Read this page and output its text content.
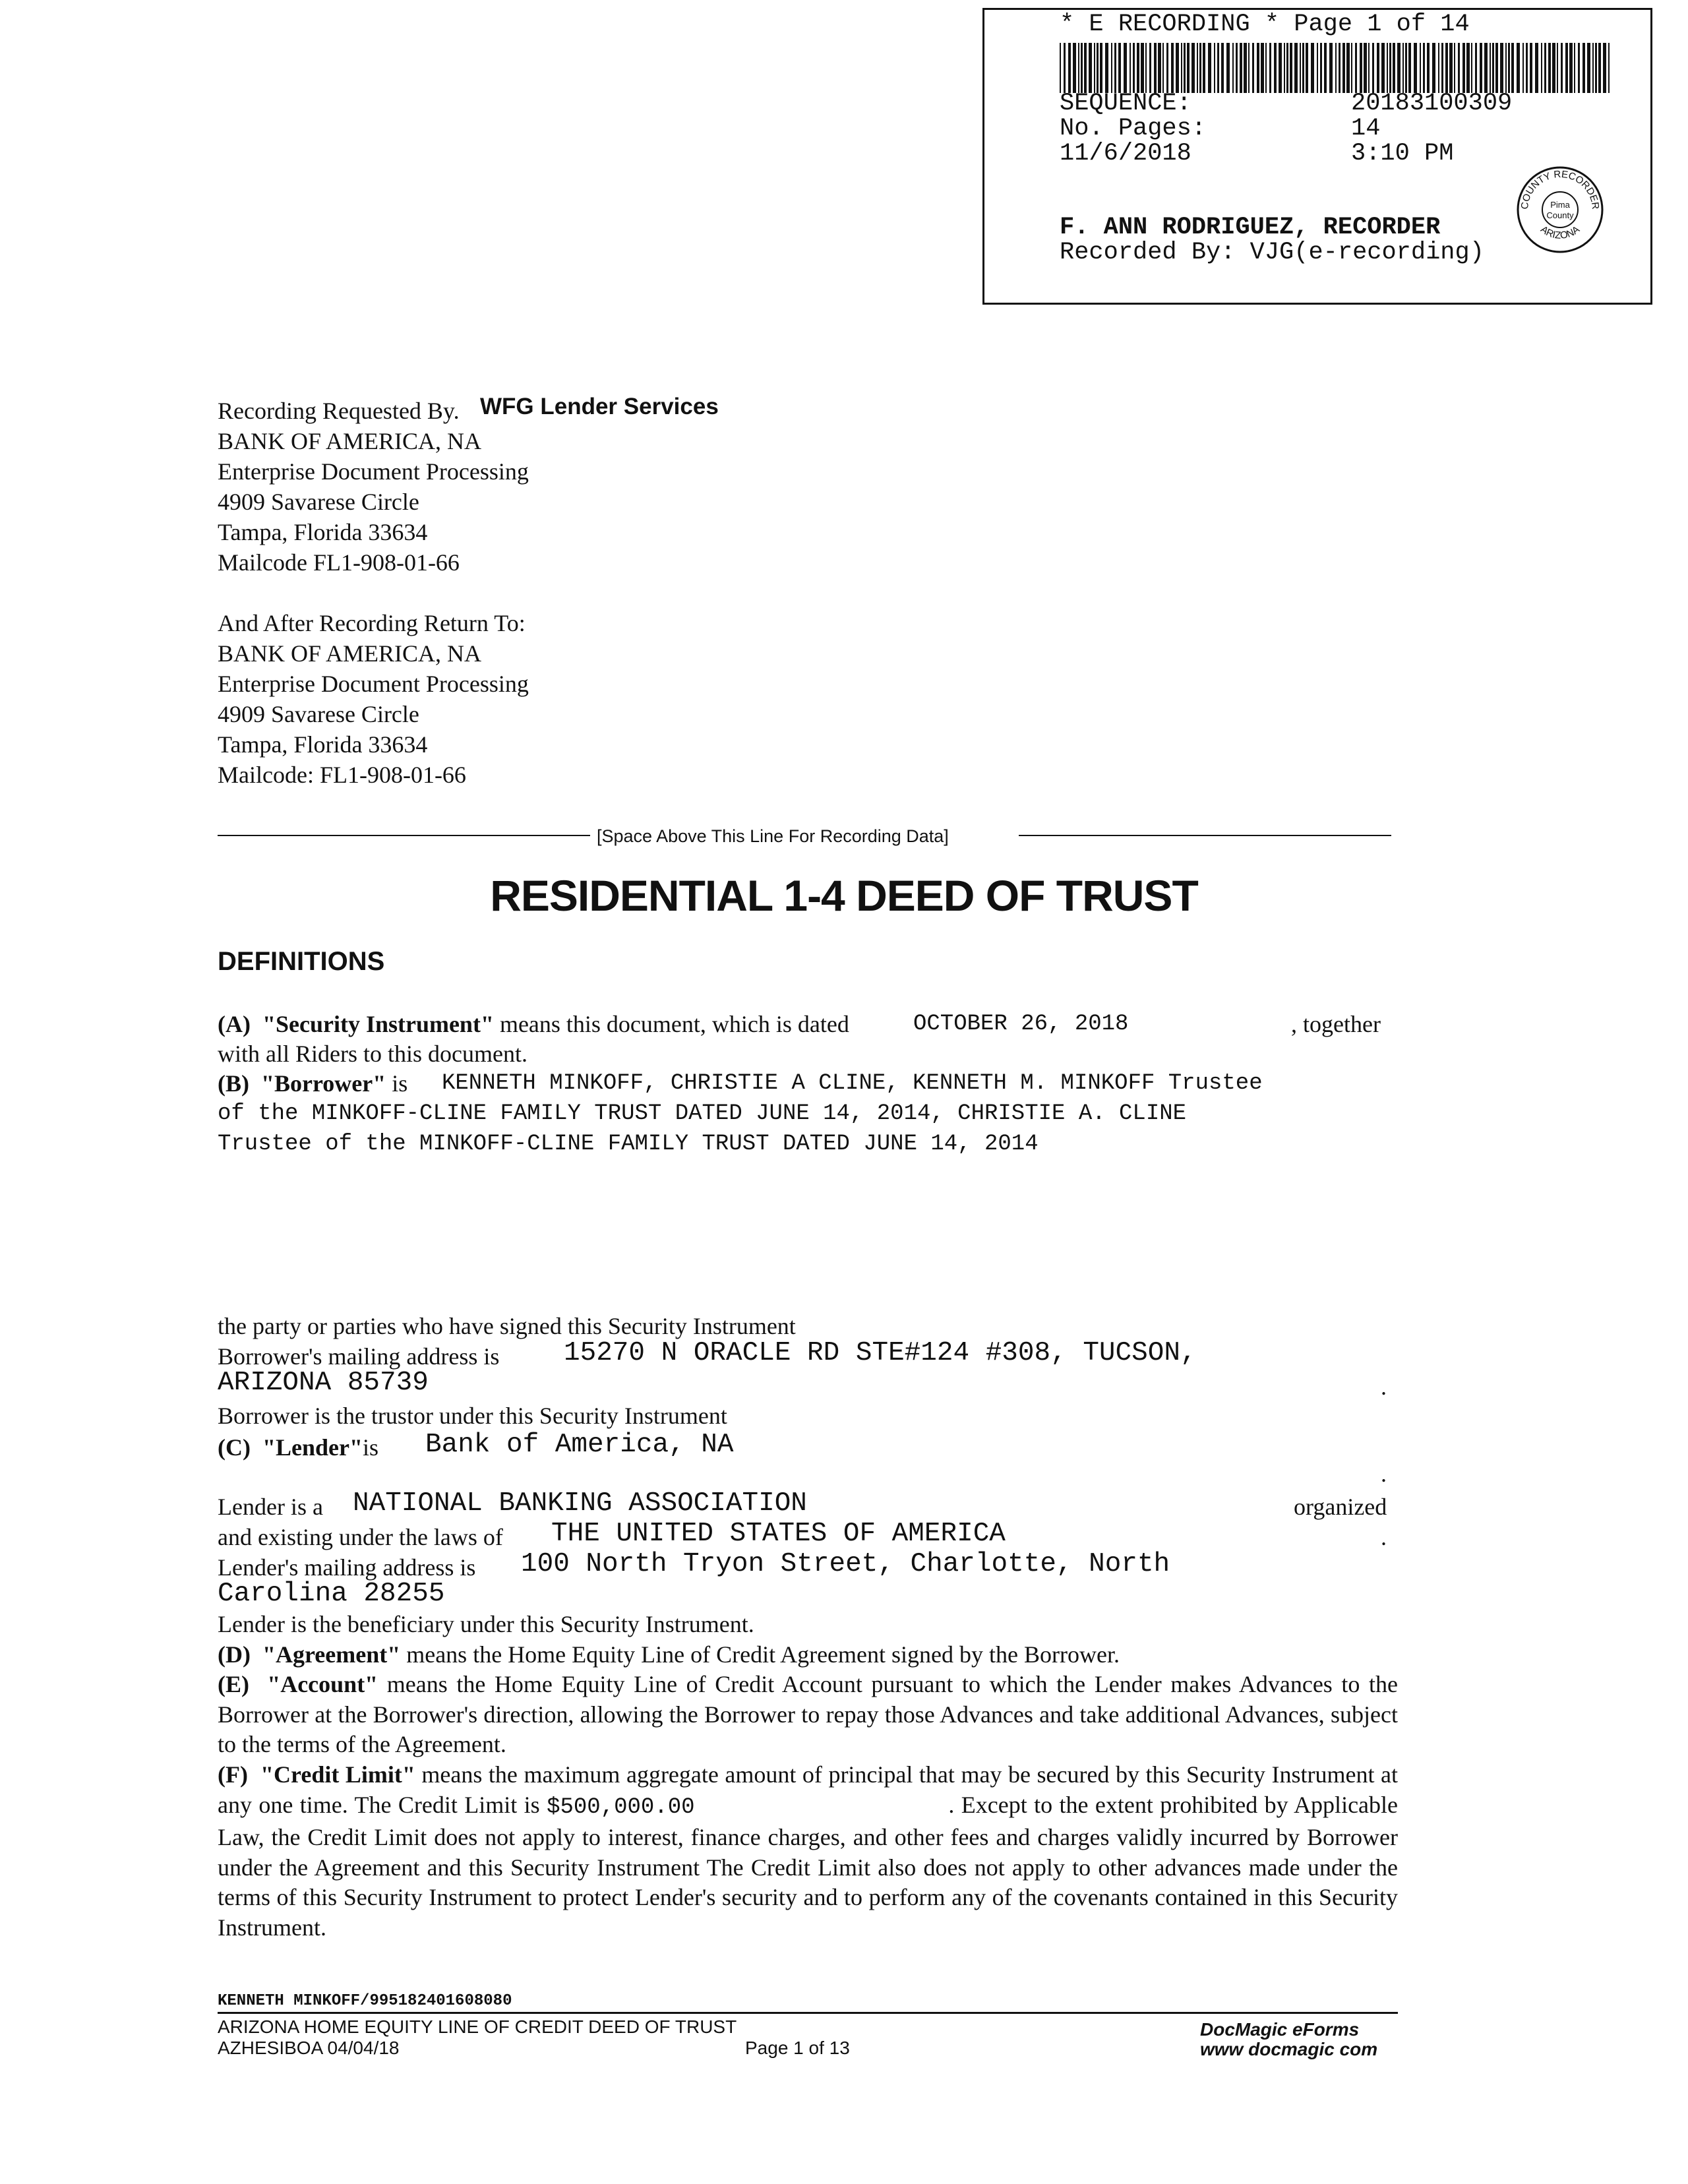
* E RECORDING * Page 1 of 14
SEQUENCE:	20183100309
No. Pages:	14
11/6/2018	3:10 PM
F. ANN RODRIGUEZ, RECORDER
Recorded By: VJG(e-recording)
COUNTY RECORDER
ARIZONA
Pima
County
Recording Requested By. WFG Lender Services
BANK OF AMERICA, NA
Enterprise Document Processing
4909 Savarese Circle
Tampa, Florida 33634
Mailcode FL1-908-01-66
And After Recording Return To:
BANK OF AMERICA, NA
Enterprise Document Processing
4909 Savarese Circle
Tampa, Florida 33634
Mailcode: FL1-908-01-66
[Space Above This Line For Recording Data]
RESIDENTIAL 1-4 DEED OF TRUST
DEFINITIONS
(A) "Security Instrument" means this document, which is dated	OCTOBER 26, 2018	, together
with all Riders to this document.
(B) "Borrower" is KENNETH MINKOFF, CHRISTIE A CLINE, KENNETH M. MINKOFF Trustee
of the MINKOFF-CLINE FAMILY TRUST DATED JUNE 14, 2014, CHRISTIE A. CLINE
Trustee of the MINKOFF-CLINE FAMILY TRUST DATED JUNE 14, 2014
the party or parties who have signed this Security Instrument
Borrower's mailing address is 15270 N ORACLE RD STE#124 #308, TUCSON,
ARIZONA 85739	.
Borrower is the trustor under this Security Instrument
(C) "Lender"is Bank of America, NA
.
Lender is a NATIONAL BANKING ASSOCIATION	organized
and existing under the laws of THE UNITED STATES OF AMERICA	.
Lender's mailing address is 100 North Tryon Street, Charlotte, North
Carolina 28255
Lender is the beneficiary under this Security Instrument.
(D) "Agreement" means the Home Equity Line of Credit Agreement signed by the Borrower.
(E) "Account" means the Home Equity Line of Credit Account pursuant to which the Lender makes Advances to the Borrower at the Borrower's direction, allowing the Borrower to repay those Advances and take additional Advances, subject to the terms of the Agreement.
(F) "Credit Limit" means the maximum aggregate amount of principal that may be secured by this Security Instrument at any one time. The Credit Limit is $500,000.00	. Except to the extent prohibited by Applicable Law, the Credit Limit does not apply to interest, finance charges, and other fees and charges validly incurred by Borrower under the Agreement and this Security Instrument The Credit Limit also does not apply to other advances made under the terms of this Security Instrument to protect Lender's security and to perform any of the covenants contained in this Security Instrument.
KENNETH MINKOFF/995182401608080
ARIZONA HOME EQUITY LINE OF CREDIT DEED OF TRUST
AZHESIBOA 04/04/18	Page 1 of 13
DocMagic eForms
www docmagic com
